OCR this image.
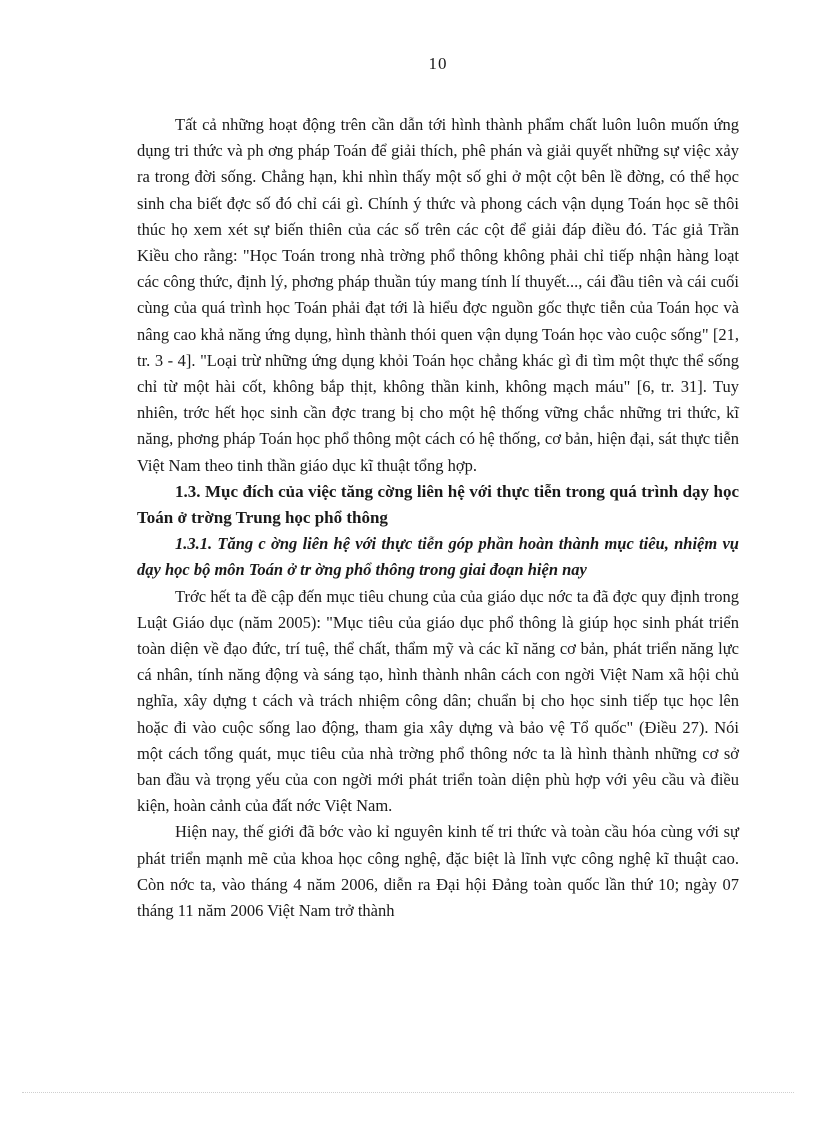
10

Tất cả những hoạt động trên cần dẫn tới hình thành phẩm chất luôn luôn muốn ứng dụng tri thức và ph ơng pháp Toán để giải thích, phê phán và giải quyết những sự việc xảy ra trong đời sống. Chẳng hạn, khi nhìn thấy một số ghi ở một cột bên lề đờng, có thể học sinh cha biết đợc số đó chỉ cái gì. Chính ý thức và phong cách vận dụng Toán học sẽ thôi thúc họ xem xét sự biến thiên của các số trên các cột để giải đáp điều đó. Tác giả Trần Kiều cho rằng: "Học Toán trong nhà trờng phổ thông không phải chỉ tiếp nhận hàng loạt các công thức, định lý, phơng pháp thuần túy mang tính lí thuyết..., cái đầu tiên và cái cuối cùng của quá trình học Toán phải đạt tới là hiểu đợc nguồn gốc thực tiễn của Toán học và nâng cao khả năng ứng dụng, hình thành thói quen vận dụng Toán học vào cuộc sống" [21, tr. 3 - 4]. "Loại trừ những ứng dụng khỏi Toán học chẳng khác gì đi tìm một thực thể sống chỉ từ một hài cốt, không bắp thịt, không thần kinh, không mạch máu" [6, tr. 31]. Tuy nhiên, trớc hết học sinh cần đợc trang bị cho một hệ thống vững chắc những tri thức, kĩ năng, phơng pháp Toán học phổ thông một cách có hệ thống, cơ bản, hiện đại, sát thực tiễn Việt Nam theo tinh thần giáo dục kĩ thuật tổng hợp.

1.3. Mục đích của việc tăng cờng liên hệ với thực tiễn trong quá trình dạy học Toán ở trờng Trung học phổ thông

1.3.1. Tăng c ờng liên hệ với thực tiễn góp phần hoàn thành mục tiêu, nhiệm vụ dạy học bộ môn Toán ở tr ờng phổ thông trong giai đoạn hiện nay

Trớc hết ta đề cập đến mục tiêu chung của của giáo dục nớc ta đã đợc quy định trong Luật Giáo dục (năm 2005): "Mục tiêu của giáo dục phổ thông là giúp học sinh phát triển toàn diện về đạo đức, trí tuệ, thể chất, thẩm mỹ và các kĩ năng cơ bản, phát triển năng lực cá nhân, tính năng động và sáng tạo, hình thành nhân cách con ngời Việt Nam xã hội chủ nghĩa, xây dựng t cách và trách nhiệm công dân; chuẩn bị cho học sinh tiếp tục học lên hoặc đi vào cuộc sống lao động, tham gia xây dựng và bảo vệ Tổ quốc" (Điều 27). Nói một cách tổng quát, mục tiêu của nhà trờng phổ thông nớc ta là hình thành những cơ sở ban đầu và trọng yếu của con ngời mới phát triển toàn diện phù hợp với yêu cầu và điều kiện, hoàn cảnh của đất nớc Việt Nam.

Hiện nay, thế giới đã bớc vào kỉ nguyên kinh tế tri thức và toàn cầu hóa cùng với sự phát triển mạnh mẽ của khoa học công nghệ, đặc biệt là lĩnh vực công nghệ kĩ thuật cao. Còn nớc ta, vào tháng 4 năm 2006, diễn ra Đại hội Đảng toàn quốc lần thứ 10; ngày 07 tháng 11 năm 2006 Việt Nam trở thành
